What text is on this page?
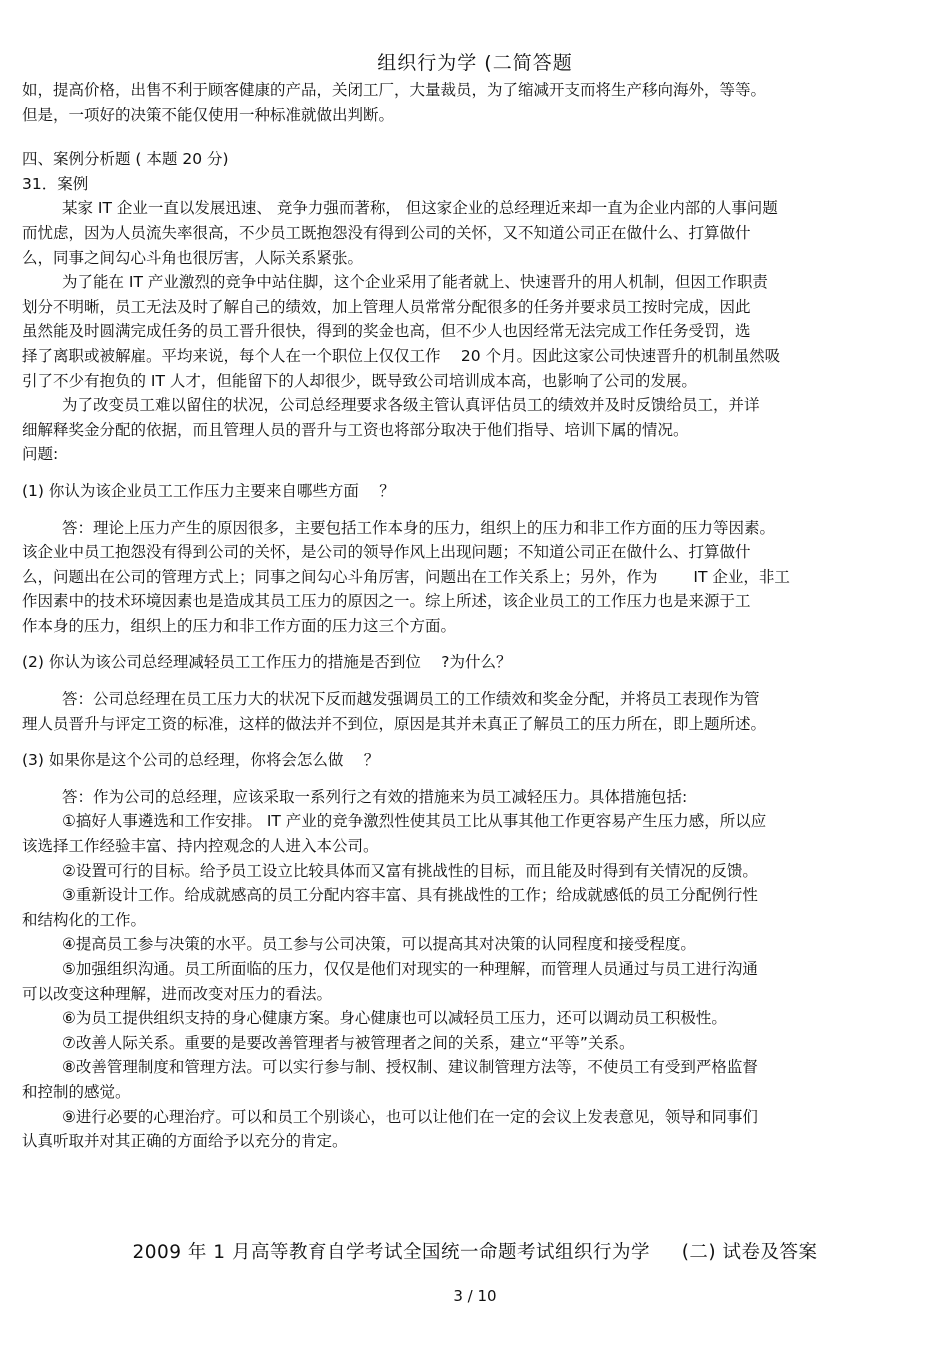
组织行为学 (二简答题
如，提高价格，出售不利于顾客健康的产品，关闭工厂，大量裁员，为了缩减开支而将生产移向海外，等等。
但是，一项好的决策不能仅使用一种标准就做出判断。
四、案例分析题 ( 本题 20 分)
31．案例
某家 IT 企业一直以发展迅速、 竞争力强而著称， 但这家企业的总经理近来却一直为企业内部的人事问题
而忧虑，因为人员流失率很高，不少员工既抱怨没有得到公司的关怀，又不知道公司正在做什么、打算做什
么，同事之间勾心斗角也很厉害，人际关系紧张。
为了能在 IT 产业激烈的竞争中站住脚，这个企业采用了能者就上、快速晋升的用人机制，但因工作职责
划分不明晰，员工无法及时了解自己的绩效，加上管理人员常常分配很多的任务并要求员工按时完成，因此
虽然能及时圆满完成任务的员工晋升很快，得到的奖金也高，但不少人也因经常无法完成工作任务受罚，选
择了离职或被解雇。平均来说，每个人在一个职位上仅仅工作 　20 个月。因此这家公司快速晋升的机制虽然吸
引了不少有抱负的 IT 人才，但能留下的人却很少，既导致公司培训成本高，也影响了公司的发展。
为了改变员工难以留住的状况，公司总经理要求各级主管认真评估员工的绩效并及时反馈给员工，并详
细解释奖金分配的依据，而且管理人员的晋升与工资也将部分取决于他们指导、培训下属的情况。
问题:
(1) 你认为该企业员工工作压力主要来自哪些方面 　？
答：理论上压力产生的原因很多，主要包括工作本身的压力，组织上的压力和非工作方面的压力等因素。
该企业中员工抱怨没有得到公司的关怀，是公司的领导作风上出现问题；不知道公司正在做什么、打算做什
么，问题出在公司的管理方式上；同事之间勾心斗角厉害，问题出在工作关系上；另外，作为 　　IT 企业，非工
作因素中的技术环境因素也是造成其员工压力的原因之一。综上所述，该企业员工的工作压力也是来源于工
作本身的压力，组织上的压力和非工作方面的压力这三个方面。
(2) 你认为该公司总经理减轻员工工作压力的措施是否到位 　?为什么？
答：公司总经理在员工压力大的状况下反而越发强调员工的工作绩效和奖金分配，并将员工表现作为管
理人员晋升与评定工资的标准，这样的做法并不到位，原因是其并未真正了解员工的压力所在，即上题所述。
(3) 如果你是这个公司的总经理，你将会怎么做 　？
答：作为公司的总经理，应该采取一系列行之有效的措施来为员工减轻压力。具体措施包括:
①搞好人事遴选和工作安排。 IT 产业的竞争激烈性使其员工比从事其他工作更容易产生压力感，所以应
该选择工作经验丰富、持内控观念的人进入本公司。
②设置可行的目标。给予员工设立比较具体而又富有挑战性的目标，而且能及时得到有关情况的反馈。
③重新设计工作。给成就感高的员工分配内容丰富、具有挑战性的工作；给成就感低的员工分配例行性
和结构化的工作。
④提高员工参与决策的水平。员工参与公司决策，可以提高其对决策的认同程度和接受程度。
⑤加强组织沟通。员工所面临的压力，仅仅是他们对现实的一种理解，而管理人员通过与员工进行沟通
可以改变这种理解，进而改变对压力的看法。
⑥为员工提供组织支持的身心健康方案。身心健康也可以减轻员工压力，还可以调动员工积极性。
⑦改善人际关系。重要的是要改善管理者与被管理者之间的关系，建立“平等”关系。
⑧改善管理制度和管理方法。可以实行参与制、授权制、建议制管理方法等，不使员工有受到严格监督
和控制的感觉。
⑨进行必要的心理治疗。可以和员工个别谈心，也可以让他们在一定的会议上发表意见，领导和同事们
认真听取并对其正确的方面给予以充分的肯定。
2009 年 1 月高等教育自学考试全国统一命题考试组织行为学 　 (二) 试卷及答案
3 / 10
